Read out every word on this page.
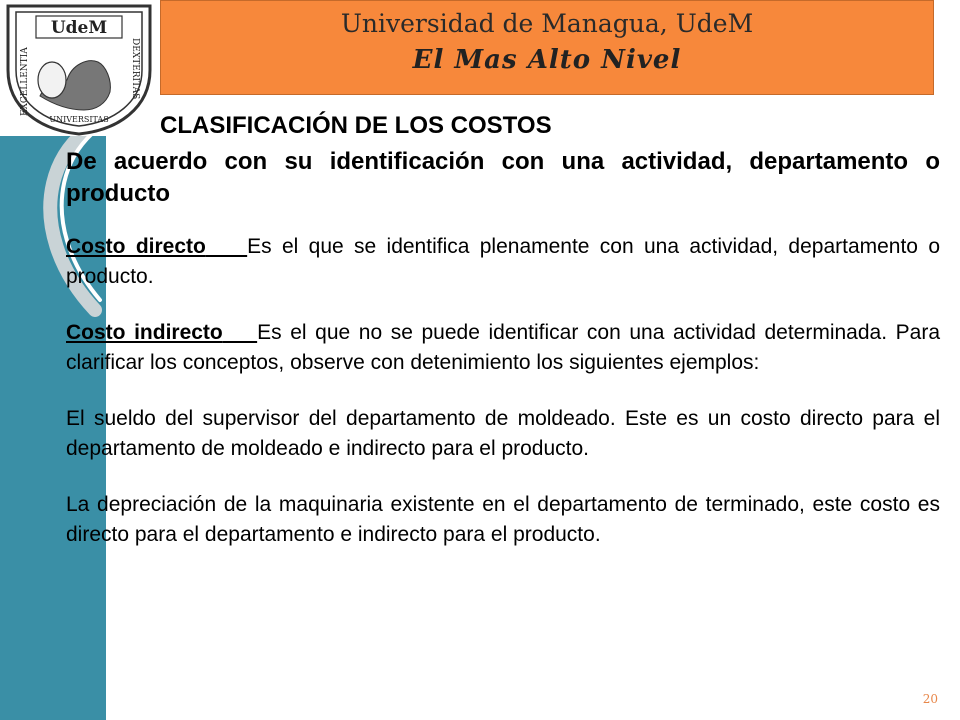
Universidad de Managua, UdeM
El Mas Alto Nivel
UdeM
EXCELLENTIA	DEXTERITAS
UNIVERSITAS CLASIFICACIÓN DE LOS COSTOS

De acuerdo con su identificación con una actividad, departamento o producto

Costo directo Es el que se identifica plenamente con una actividad, departamento o producto.

Costo indirecto Es el que no se puede identificar con una actividad determinada. Para clarificar los conceptos, observe con detenimiento los siguientes ejemplos:

El sueldo del supervisor del departamento de moldeado. Este es un costo directo para el departamento de moldeado e indirecto para el producto.

La depreciación de la maquinaria existente en el departamento de terminado, este costo es directo para el departamento e indirecto para el producto.

20
